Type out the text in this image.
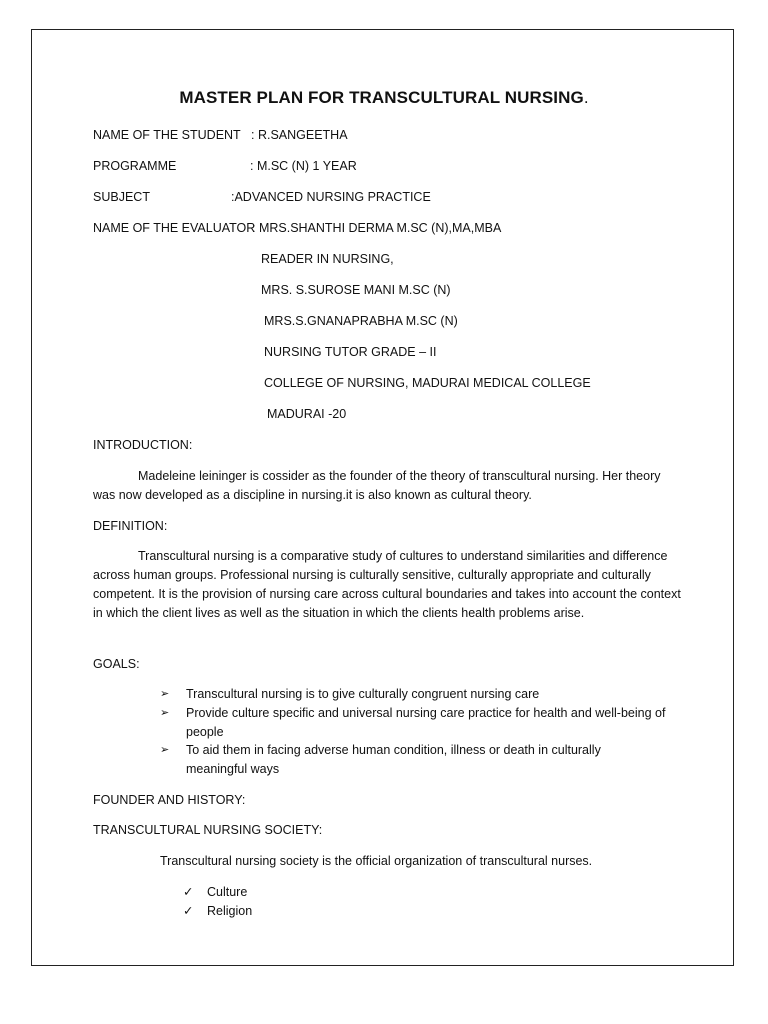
MASTER PLAN FOR TRANSCULTURAL NURSING.
NAME OF THE STUDENT : R.SANGEETHA
PROGRAMME	: M.SC (N) 1 YEAR
SUBJECT	:ADVANCED NURSING PRACTICE
NAME OF THE EVALUATOR
: MRS.SHANTHI DERMA M.SC (N),MA,MBA
READER IN NURSING,
MRS. S.SUROSE MANI M.SC (N)
MRS.S.GNANAPRABHA M.SC (N)
NURSING TUTOR GRADE – II
COLLEGE OF NURSING, MADURAI MEDICAL COLLEGE
MADURAI -20
INTRODUCTION:
Madeleine leininger is cossider as the founder of the theory of transcultural nursing. Her theory was now developed as a discipline in nursing.it is also known as cultural theory.
DEFINITION:
Transcultural nursing is a comparative study of cultures to understand similarities and difference across human groups. Professional nursing is culturally sensitive, culturally appropriate and culturally competent. It is the provision of nursing care across cultural boundaries and takes into account the context in which the client lives as well as the situation in which the clients health problems arise.
GOALS:
➢	Transcultural nursing is to give culturally congruent nursing care
➢	Provide culture specific and universal nursing care practice for health and well-being of people
➢	To aid them in facing adverse human condition, illness or death in culturally meaningful ways
FOUNDER AND HISTORY:
TRANSCULTURAL NURSING SOCIETY:
Transcultural nursing society is the official organization of transcultural nurses.
✓ Culture
✓ Religion
